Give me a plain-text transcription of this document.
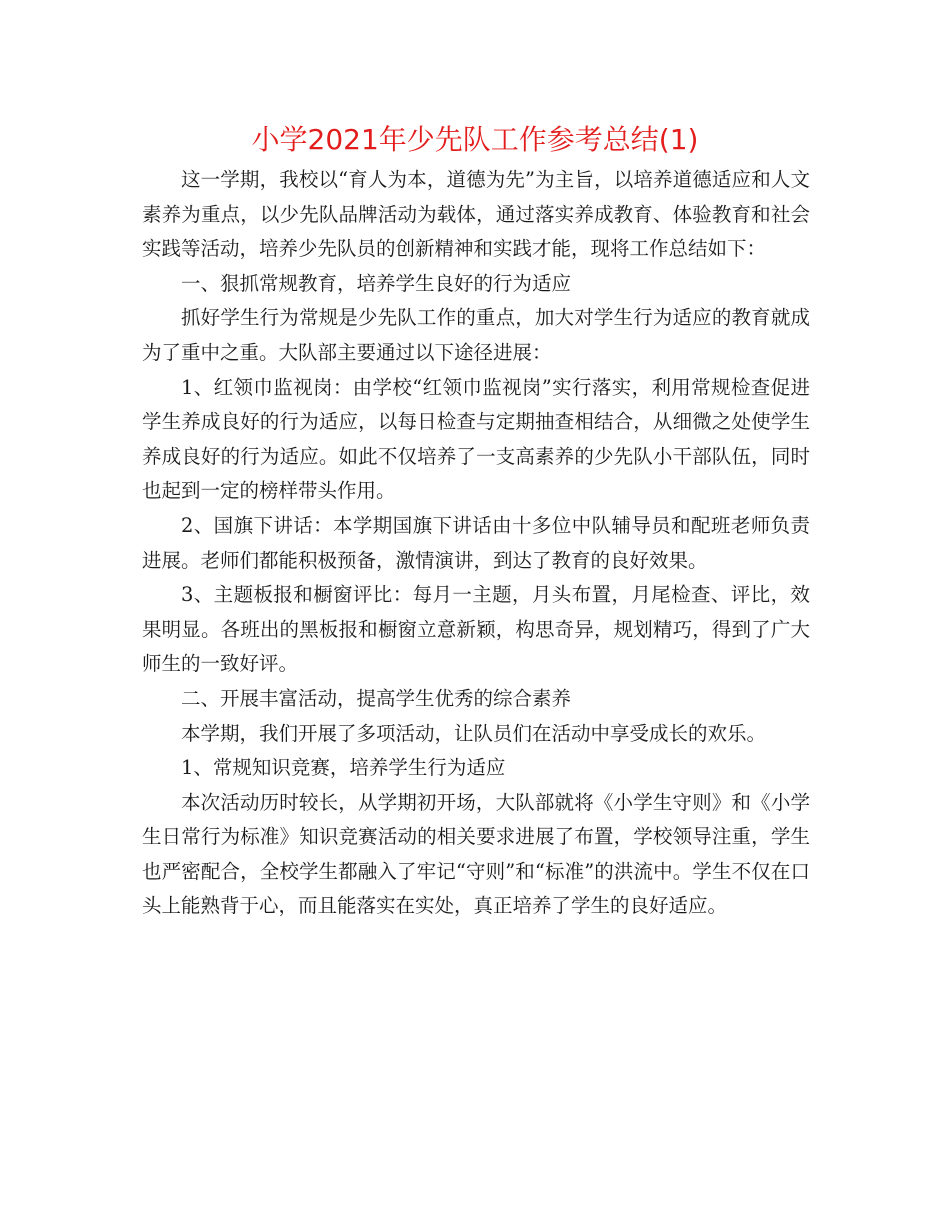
小学2021年少先队工作参考总结(1)

这一学期，我校以“育人为本，道德为先”为主旨，以培养道德适应和人文素养为重点，以少先队品牌活动为载体，通过落实养成教育、体验教育和社会实践等活动，培养少先队员的创新精神和实践才能，现将工作总结如下：

一、狠抓常规教育，培养学生良好的行为适应

抓好学生行为常规是少先队工作的重点，加大对学生行为适应的教育就成为了重中之重。大队部主要通过以下途径进展：

1、红领巾监视岗：由学校“红领巾监视岗”实行落实，利用常规检查促进学生养成良好的行为适应，以每日检查与定期抽查相结合，从细微之处使学生养成良好的行为适应。如此不仅培养了一支高素养的少先队小干部队伍，同时也起到一定的榜样带头作用。

2、国旗下讲话：本学期国旗下讲话由十多位中队辅导员和配班老师负责进展。老师们都能积极预备，激情演讲，到达了教育的良好效果。

3、主题板报和橱窗评比：每月一主题，月头布置，月尾检查、评比，效果明显。各班出的黑板报和橱窗立意新颖，构思奇异，规划精巧，得到了广大师生的一致好评。

二、开展丰富活动，提高学生优秀的综合素养

本学期，我们开展了多项活动，让队员们在活动中享受成长的欢乐。

1、常规知识竞赛，培养学生行为适应

本次活动历时较长，从学期初开场，大队部就将《小学生守则》和《小学生日常行为标准》知识竞赛活动的相关要求进展了布置，学校领导注重，学生也严密配合，全校学生都融入了牢记“守则”和“标准”的洪流中。学生不仅在口头上能熟背于心，而且能落实在实处，真正培养了学生的良好适应。
